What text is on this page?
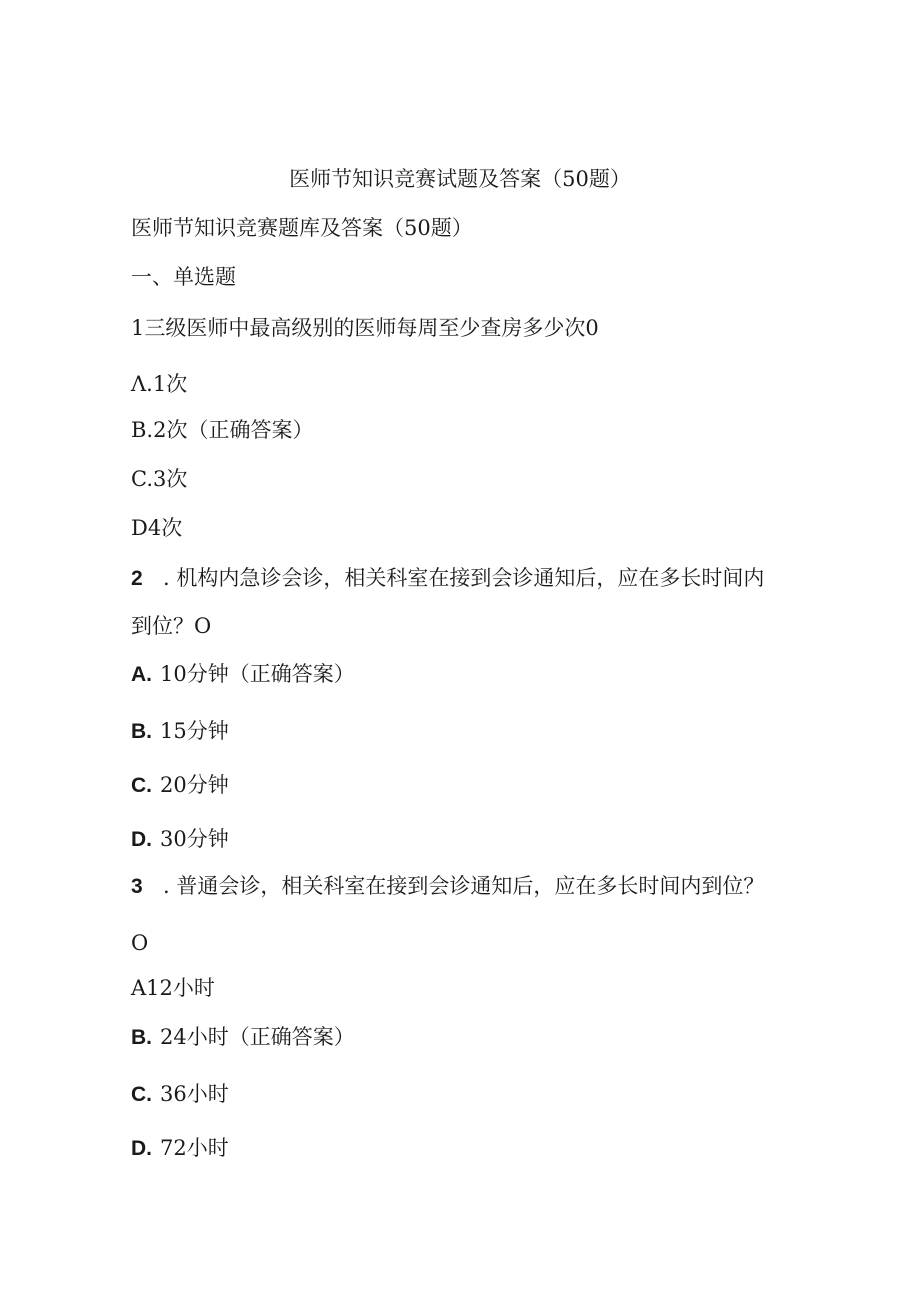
医师节知识竞赛试题及答案（50题）
医师节知识竞赛题库及答案（50题）
一、单选题
1三级医师中最高级别的医师每周至少查房多少次0
Λ.1次
B.2次（正确答案）
C.3次
D4次
2 . 机构内急诊会诊，相关科室在接到会诊通知后，应在多长时间内
到位？O
A. 10分钟（正确答案）
B. 15分钟
C. 20分钟
D. 30分钟
3 . 普通会诊，相关科室在接到会诊通知后，应在多长时间内到位？
O
A12小时
B. 24小时（正确答案）
C. 36小时
D. 72小时
